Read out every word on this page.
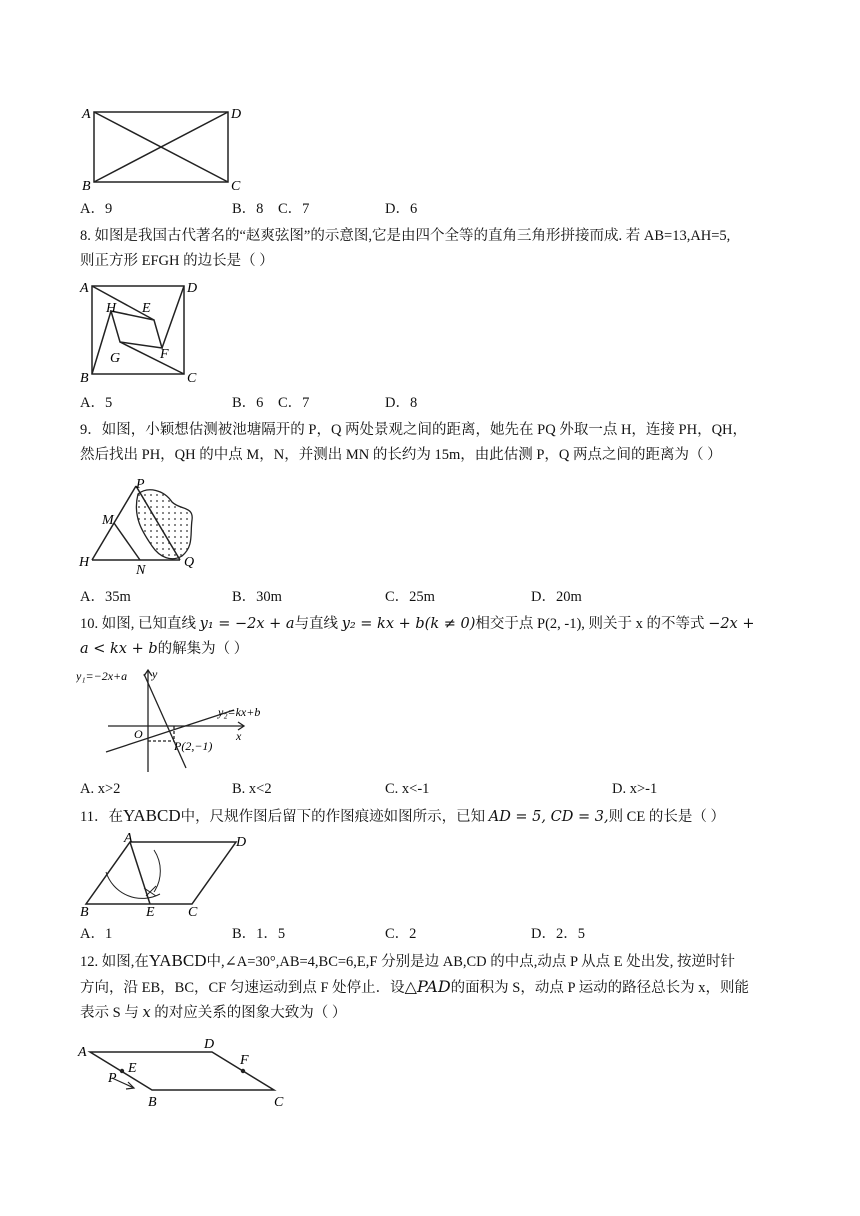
A	D
B	C
A．9	B．8 C．7	D．6
8. 如图是我国古代著名的“赵爽弦图”的示意图,它是由四个全等的直角三角形拼接而成. 若 AB=13,AH=5,
则正方形 EFGH 的边长是（ ）
A	D
B	C
E
F
G
H
A．5	B．6 C．7	D．8
9．如图，小颖想估测被池塘隔开的 P，Q 两处景观之间的距离，她先在 PQ 外取一点 H，连接 PH，QH，
然后找出 PH，QH 的中点 M，N，并测出 MN 的长约为 15m，由此估测 P，Q 两点之间的距离为（ ）
P
M
H
N
Q
A．35m	B．30m	C．25m	D．20m
10. 如图, 已知直线 y₁ = −2x + a与直线 y₂ = kx + b(k ≠ 0)相交于点 P(2, -1), 则关于 x 的不等式 −2x +
a < kx + b的解集为（ ）
y₁=−2x+a
y₂=kx+b
y
x
O
P(2,−1)
A. x>2	B. x<2	C. x<-1	D. x>-1
11．在YABCD中，尺规作图后留下的作图痕迹如图所示，已知 AD = 5, CD = 3,则 CE 的长是（ ）
A	D
B	E C
A．1	B．1．5	C．2	D．2．5
12. 如图,在YABCD中,∠A=30°,AB=4,BC=6,E,F 分别是边 AB,CD 的中点,动点 P 从点 E 处出发, 按逆时针
方向，沿 EB，BC，CF 匀速运动到点 F 处停止．设△PAD的面积为 S，动点 P 运动的路径总长为 x，则能
表示 S 与 x 的对应关系的图象大致为（ ）
A
D
F
E
P
B	C
